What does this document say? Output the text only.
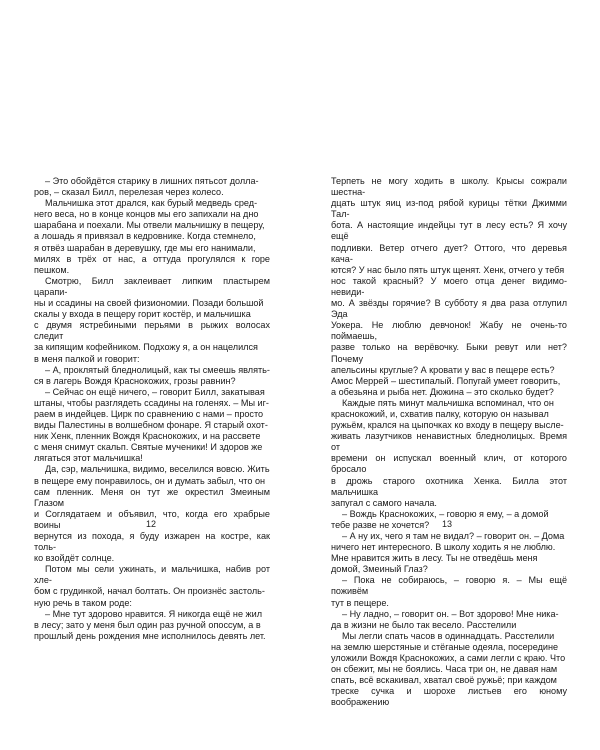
– Это обойдётся старику в лишних пятьсот долла-
ров, – сказал Билл, перелезая через колесо.

Мальчишка этот дрался, как бурый медведь сред-
него веса, но в конце концов мы его запихали на дно
шарабана и поехали. Мы отвели мальчишку в пещеру,
а лошадь я привязал в кедровнике. Когда стемнело,
я отвёз шарабан в деревушку, где мы его нанимали,
милях в трёх от нас, а оттуда прогулялся к горе пешком.

Смотрю, Билл заклеивает липким пластырем царапи-
ны и ссадины на своей физиономии. Позади большой
скалы у входа в пещеру горит костёр, и мальчишка
с двумя ястребиными перьями в рыжих волосах следит
за кипящим кофейником. Подхожу я, а он нацелился
в меня палкой и говорит:

– А, проклятый бледнолицый, как ты смеешь являть-
ся в лагерь Вождя Краснокожих, грозы равнин?

– Сейчас он ещё ничего, – говорит Билл, закатывая
штаны, чтобы разглядеть ссадины на голенях. – Мы иг-
раем в индейцев. Цирк по сравнению с нами – просто
виды Палестины в волшебном фонаре. Я старый охот-
ник Хенк, пленник Вождя Краснокожих, и на рассвете
с меня снимут скальп. Святые мученики! И здоров же
лягаться этот мальчишка!

Да, сэр, мальчишка, видимо, веселился вовсю. Жить
в пещере ему понравилось, он и думать забыл, что он
сам пленник. Меня он тут же окрестил Змеиным Глазом
и Соглядатаем и объявил, что, когда его храбрые воины
вернутся из похода, я буду изжарен на костре, как толь-
ко взойдёт солнце.

Потом мы сели ужинать, и мальчишка, набив рот хле-
бом с грудинкой, начал болтать. Он произнёс застоль-
ную речь в таком роде:

– Мне тут здорово нравится. Я никогда ещё не жил
в лесу; зато у меня был один раз ручной опоссум, а в
прошлый день рождения мне исполнилось девять лет.

12

Терпеть не могу ходить в школу. Крысы сожрали шестна-
дцать штук яиц из-под рябой курицы тётки Джимми Тал-
бота. А настоящие индейцы тут в лесу есть? Я хочу ещё
подливки. Ветер отчего дует? Оттого, что деревья кача-
ются? У нас было пять штук щенят. Хенк, отчего у тебя
нос такой красный? У моего отца денег видимо-невиди-
мо. А звёзды горячие? В субботу я два раза отлупил Эда
Уокера. Не люблю девчонок! Жабу не очень-то поймаешь,
разве только на верёвочку. Быки ревут или нет? Почему
апельсины круглые? А кровати у вас в пещере есть?
Амос Меррей – шестипалый. Попугай умеет говорить,
а обезьяна и рыба нет. Дюжина – это сколько будет?

Каждые пять минут мальчишка вспоминал, что он
краснокожий, и, схватив палку, которую он называл
ружьём, крался на цыпочках ко входу в пещеру высле-
живать лазутчиков ненавистных бледнолицых. Время от
времени он испускал военный клич, от которого бросало
в дрожь старого охотника Хенка. Билла этот мальчишка
запугал с самого начала.

– Вождь Краснокожих, – говорю я ему, – а домой
тебе разве не хочется?

– А ну их, чего я там не видал? – говорит он. – Дома
ничего нет интересного. В школу ходить я не люблю.
Мне нравится жить в лесу. Ты не отведёшь меня
домой, Змеиный Глаз?

– Пока не собираюсь, – говорю я. – Мы ещё поживём
тут в пещере.

– Ну ладно, – говорит он. – Вот здорово! Мне ника-
да в жизни не было так весело. Расстелили

Мы легли спать часов в одиннадцать. Расстелили
на землю шерстяные и стёганые одеяла, посередине
уложили Вождя Краснокожих, а сами легли с краю. Что
он сбежит, мы не боялись. Часа три он, не давая нам
спать, всё вскакивал, хватал своё ружьё; при каждом
треске сучка и шорохе листьев его юному воображению

13
